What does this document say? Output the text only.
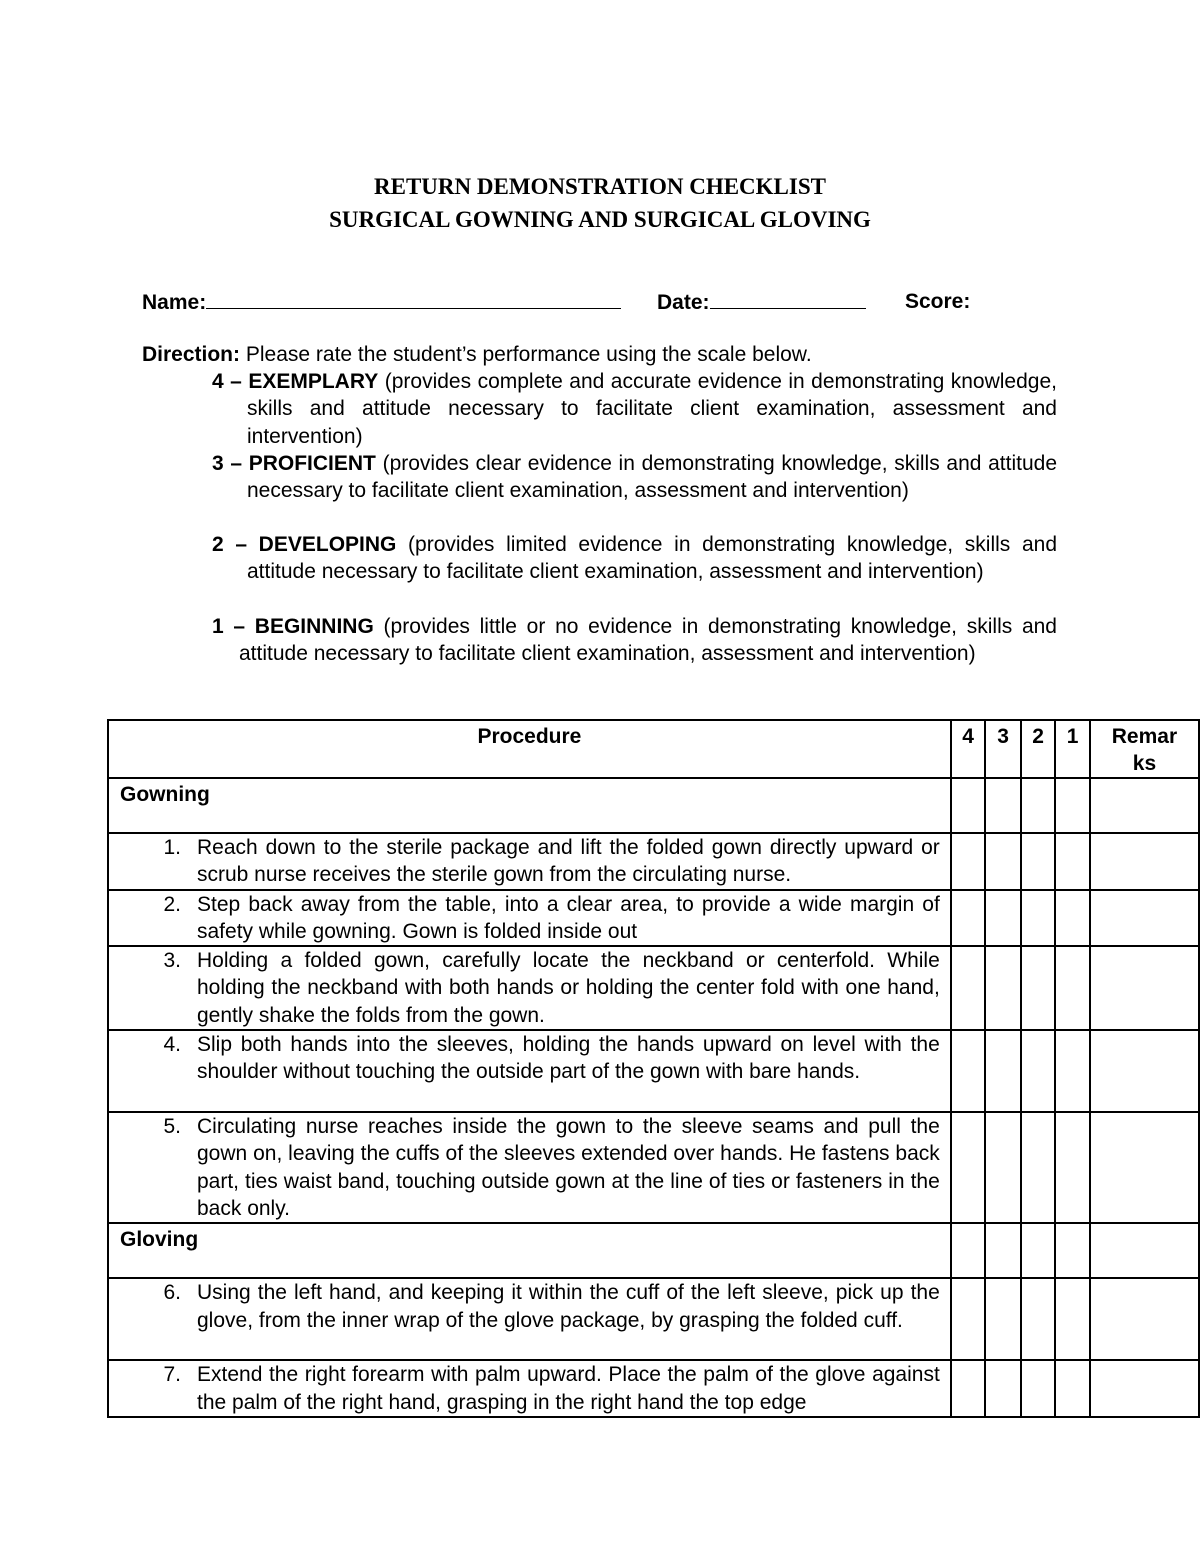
RETURN DEMONSTRATION CHECKLIST
SURGICAL GOWNING AND SURGICAL GLOVING
Name:	Date:	Score:
Direction: Please rate the student’s performance using the scale below.

4 – EXEMPLARY (provides complete and accurate evidence in demonstrating knowledge, skills and attitude necessary to facilitate client examination, assessment and intervention)

3 – PROFICIENT (provides clear evidence in demonstrating knowledge, skills and attitude necessary to facilitate client examination, assessment and intervention)

2 – DEVELOPING (provides limited evidence in demonstrating knowledge, skills and attitude necessary to facilitate client examination, assessment and intervention)

1 – BEGINNING (provides little or no evidence in demonstrating knowledge, skills and attitude necessary to facilitate client examination, assessment and intervention)

Procedure	4	3	2	1	Remar
ks
Gowning					

1. Reach down to the sterile package and lift the folded gown directly upward or scrub nurse receives the sterile gown from the circulating nurse.					

2. Step back away from the table, into a clear area, to provide a wide margin of safety while gowning. Gown is folded inside out					

3. Holding a folded gown, carefully locate the neckband or centerfold. While holding the neckband with both hands or holding the center fold with one hand, gently shake the folds from the gown.					

4. Slip both hands into the sleeves, holding the hands upward on level with the shoulder without touching the outside part of the gown with bare hands.					

5. Circulating nurse reaches inside the gown to the sleeve seams and pull the gown on, leaving the cuffs of the sleeves extended over hands. He fastens back part, ties waist band, touching outside gown at the line of ties or fasteners in the back only.					
Gloving					

6. Using the left hand, and keeping it within the cuff of the left sleeve, pick up the glove, from the inner wrap of the glove package, by grasping the folded cuff.					

7. Extend the right forearm with palm upward. Place the palm of the glove against the palm of the right hand, grasping in the right hand the top edge					
